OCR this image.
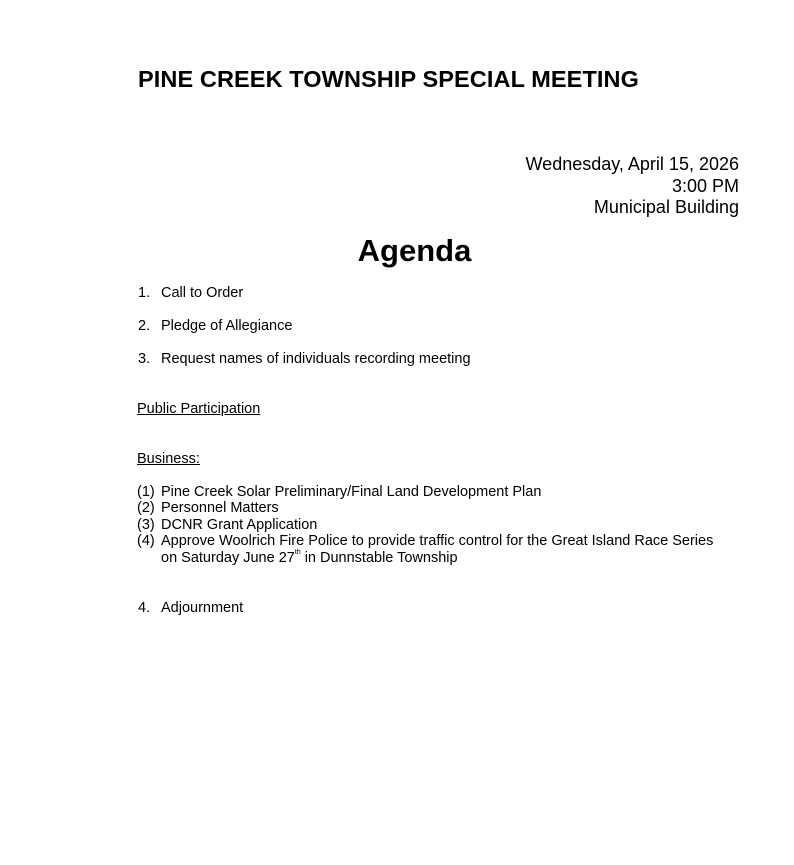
PINE CREEK TOWNSHIP SPECIAL MEETING
Wednesday, April 15, 2026
3:00 PM
Municipal Building
Agenda
1. Call to Order
2. Pledge of Allegiance
3. Request names of individuals recording meeting
Public Participation
Business:
(1) Pine Creek Solar Preliminary/Final Land Development Plan
(2) Personnel Matters
(3) DCNR Grant Application
(4) Approve Woolrich Fire Police to provide traffic control for the Great Island Race Series
on Saturday June 27th in Dunnstable Township
4. Adjournment
